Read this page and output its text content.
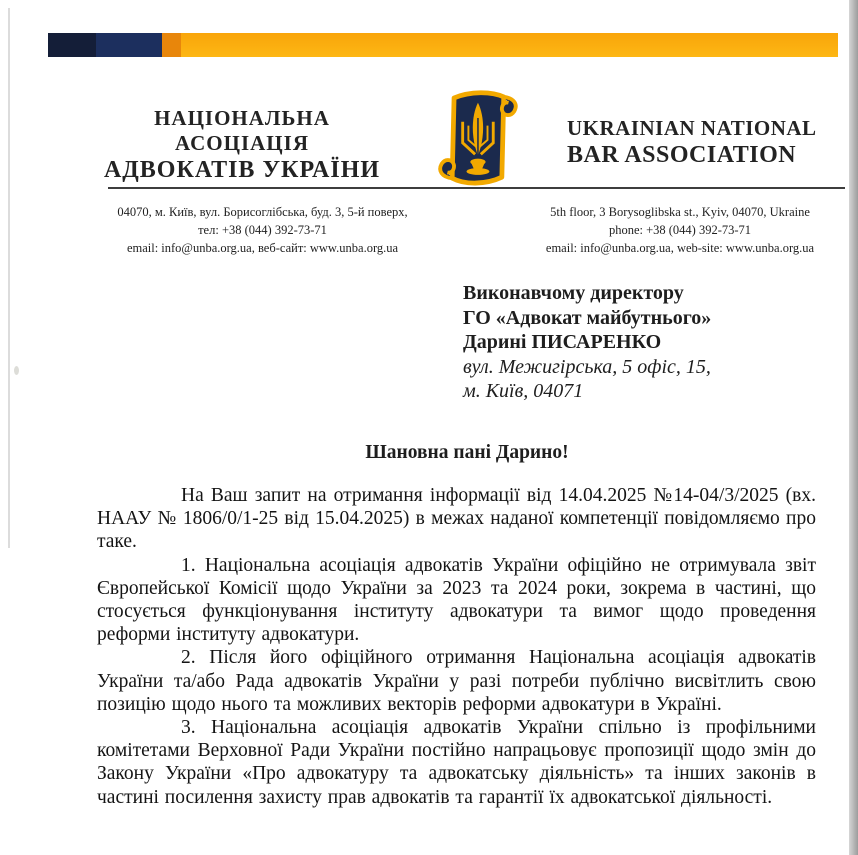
НАЦІОНАЛЬНА АСОЦІАЦІЯ
АДВОКАТІВ УКРАЇНИ
UKRAINIAN NATIONAL
BAR ASSOCIATION
04070, м. Київ, вул. Борисоглібська, буд. 3, 5-й поверх,
тел: +38 (044) 392-73-71
email: info@unba.org.ua, веб-сайт: www.unba.org.ua
5th floor, 3 Borysoglibska st., Kyiv, 04070, Ukraine
phone: +38 (044) 392-73-71
email: info@unba.org.ua, web-site: www.unba.org.ua
Виконавчому директору
ГО «Адвокат майбутнього»
Дарині ПИСАРЕНКО
вул. Межигірська, 5 офіс, 15,
м. Київ, 04071
Шановна пані Дарино!

На Ваш запит на отримання інформації від 14.04.2025 №14-04/3/2025 (вх. НААУ № 1806/0/1-25 від 15.04.2025) в межах наданої компетенції повідомляємо про таке.

1. Національна асоціація адвокатів України офіційно не отримувала звіт Європейської Комісії щодо України за 2023 та 2024 роки, зокрема в частині, що стосується функціонування інституту адвокатури та вимог щодо проведення реформи інституту адвокатури.

2. Після його офіційного отримання Національна асоціація адвокатів України та/або Рада адвокатів України у разі потреби публічно висвітлить свою позицію щодо нього та можливих векторів реформи адвокатури в Україні.

3. Національна асоціація адвокатів України спільно із профільними комітетами Верховної Ради України постійно напрацьовує пропозиції щодо змін до Закону України «Про адвокатуру та адвокатську діяльність» та інших законів в частині посилення захисту прав адвокатів та гарантії їх адвокатської діяльності.
